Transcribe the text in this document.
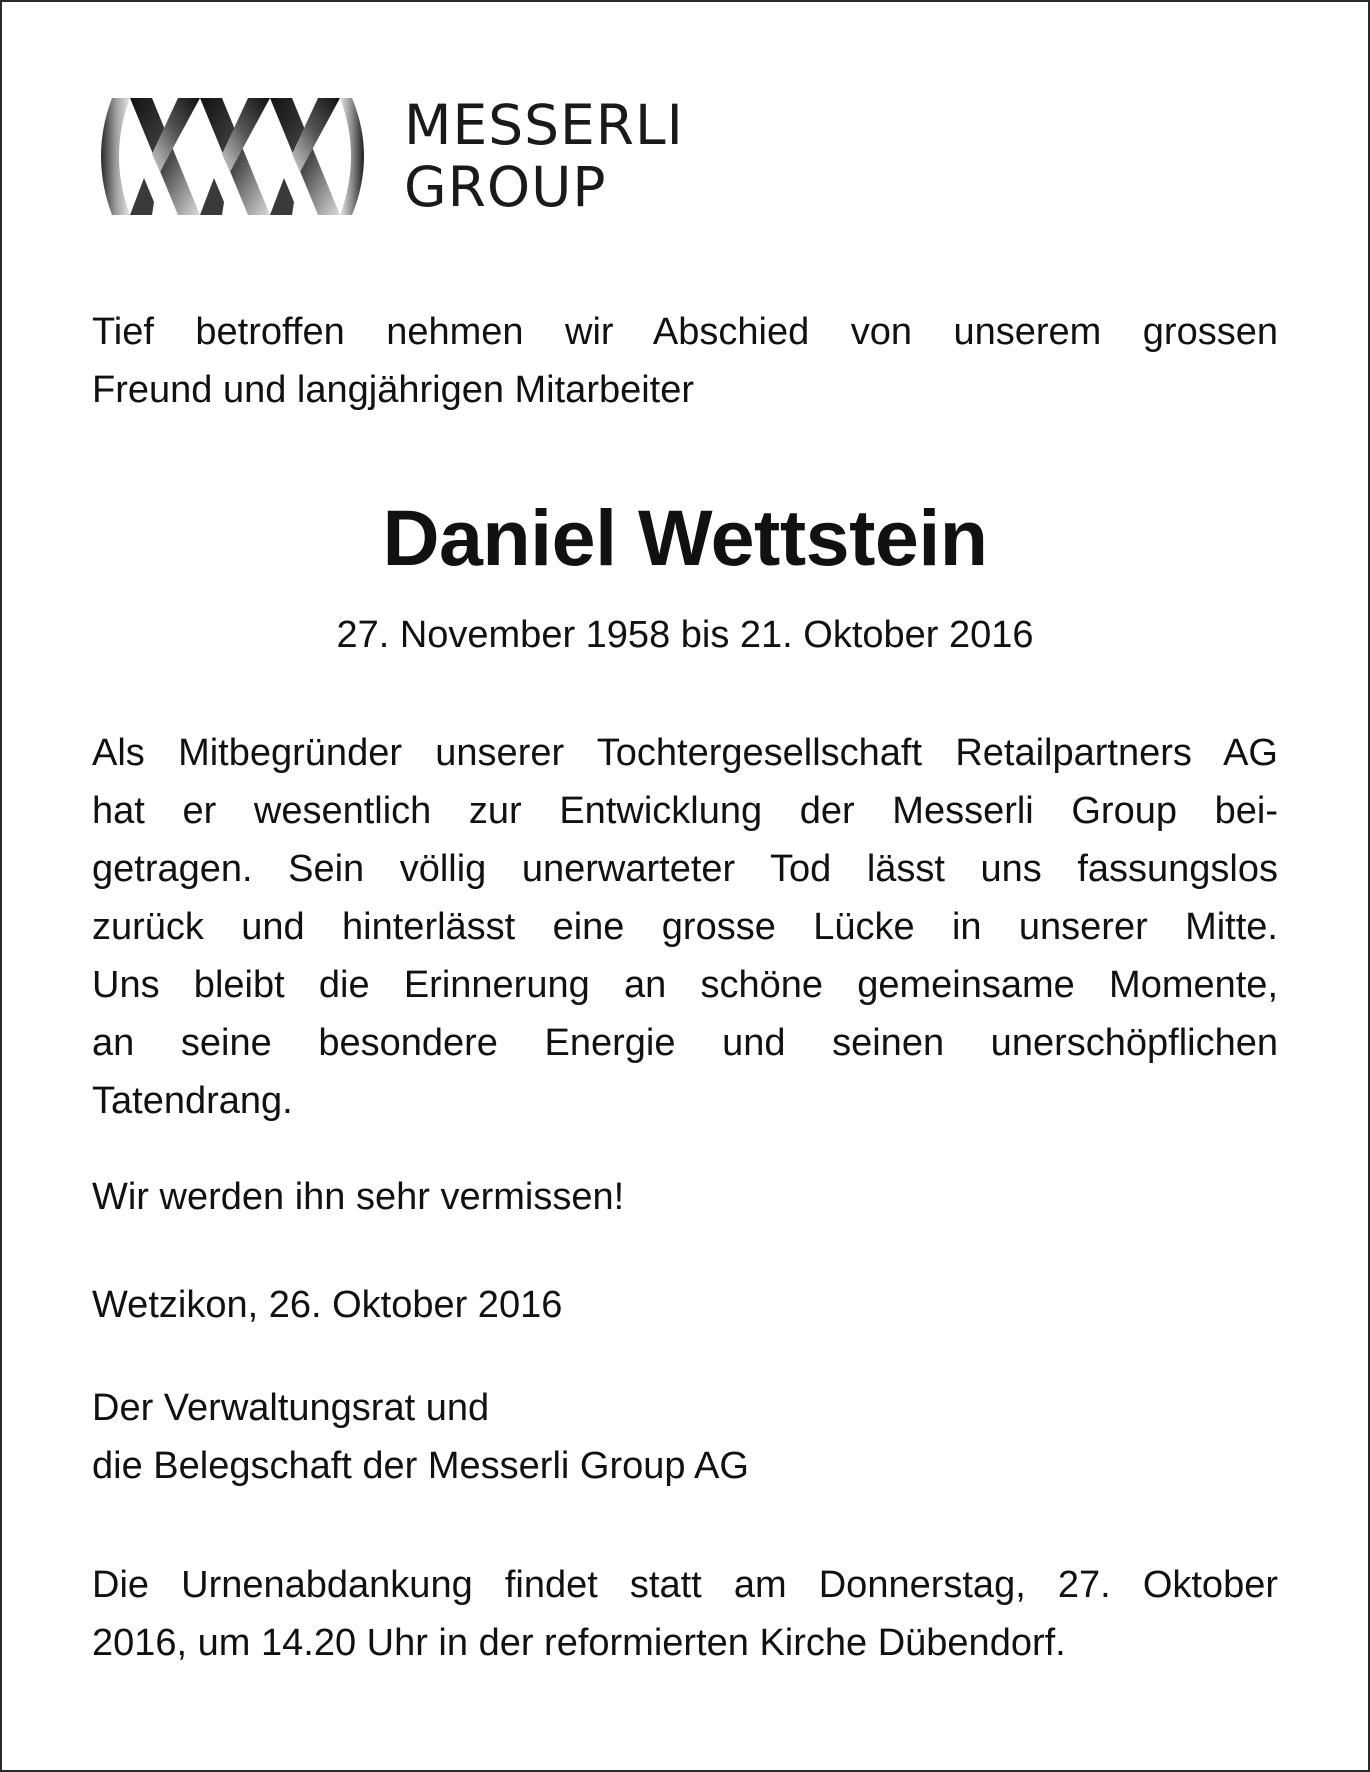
MESSERLI
GROUP

Tief betroffen nehmen wir Abschied von unserem grossen
Freund und langjährigen Mitarbeiter

Daniel Wettstein

27. November 1958 bis 21. Oktober 2016

Als Mitbegründer unserer Tochtergesellschaft Retailpartners AG
hat er wesentlich zur Entwicklung der Messerli Group bei-
getragen. Sein völlig unerwarteter Tod lässt uns fassungslos
zurück und hinterlässt eine grosse Lücke in unserer Mitte.
Uns bleibt die Erinnerung an schöne gemeinsame Momente,
an seine besondere Energie und seinen unerschöpflichen
Tatendrang.

Wir werden ihn sehr vermissen!

Wetzikon, 26. Oktober 2016

Der Verwaltungsrat und
die Belegschaft der Messerli Group AG

Die Urnenabdankung findet statt am Donnerstag, 27. Oktober
2016, um 14.20 Uhr in der reformierten Kirche Dübendorf.
